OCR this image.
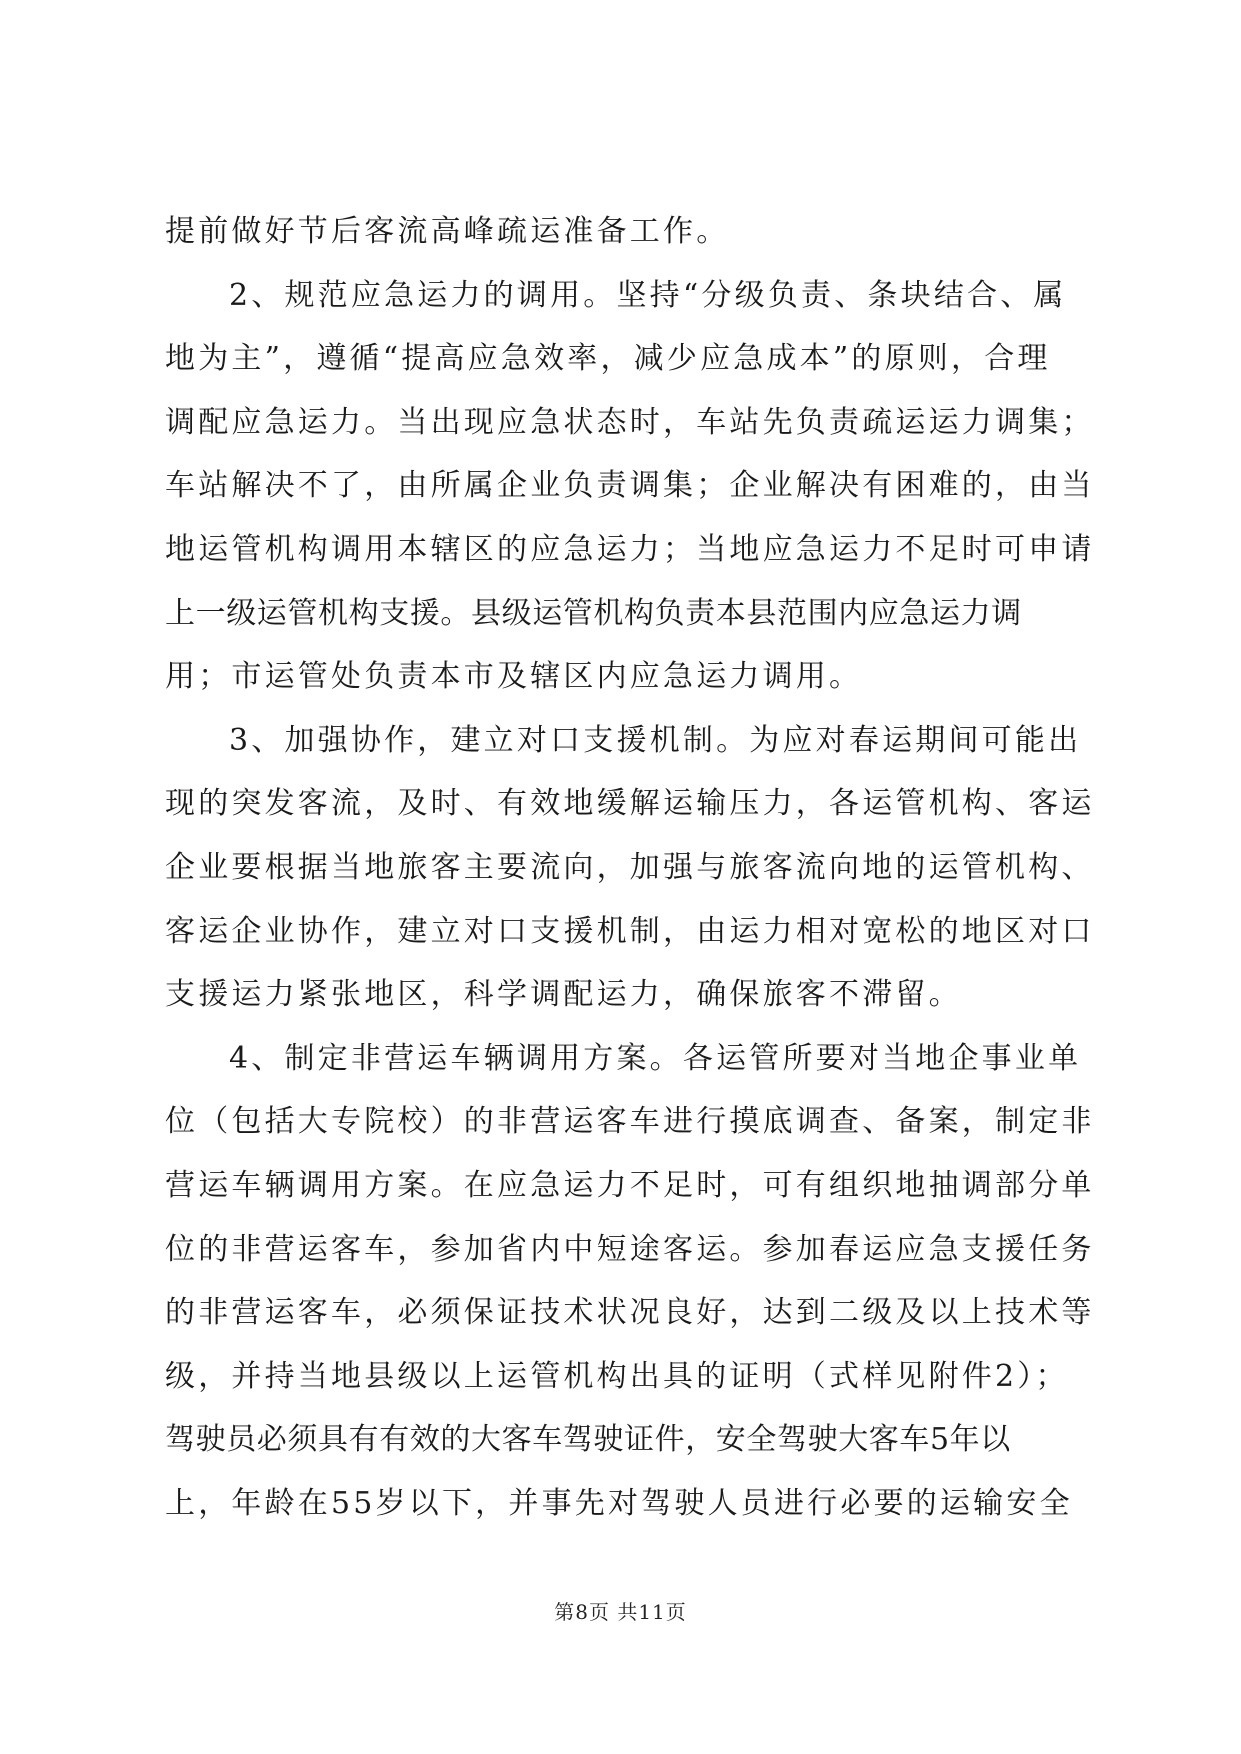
提前做好节后客流高峰疏运准备工作。
2、规范应急运力的调用。坚持“分级负责、条块结合、属
地为主”，遵循“提高应急效率，减少应急成本”的原则，合理
调配应急运力。当出现应急状态时，车站先负责疏运运力调集；
车站解决不了，由所属企业负责调集；企业解决有困难的，由当
地运管机构调用本辖区的应急运力；当地应急运力不足时可申请
上一级运管机构支援。县级运管机构负责本县范围内应急运力调
用；市运管处负责本市及辖区内应急运力调用。
3、加强协作，建立对口支援机制。为应对春运期间可能出
现的突发客流，及时、有效地缓解运输压力，各运管机构、客运
企业要根据当地旅客主要流向，加强与旅客流向地的运管机构、
客运企业协作，建立对口支援机制，由运力相对宽松的地区对口
支援运力紧张地区，科学调配运力，确保旅客不滞留。
4、制定非营运车辆调用方案。各运管所要对当地企事业单
位（包括大专院校）的非营运客车进行摸底调查、备案，制定非
营运车辆调用方案。在应急运力不足时，可有组织地抽调部分单
位的非营运客车，参加省内中短途客运。参加春运应急支援任务
的非营运客车，必须保证技术状况良好，达到二级及以上技术等
级，并持当地县级以上运管机构出具的证明（式样见附件2）；
驾驶员必须具有有效的大客车驾驶证件，安全驾驶大客车5年以
上，年龄在55岁以下，并事先对驾驶人员进行必要的运输安全
第8页 共11页
